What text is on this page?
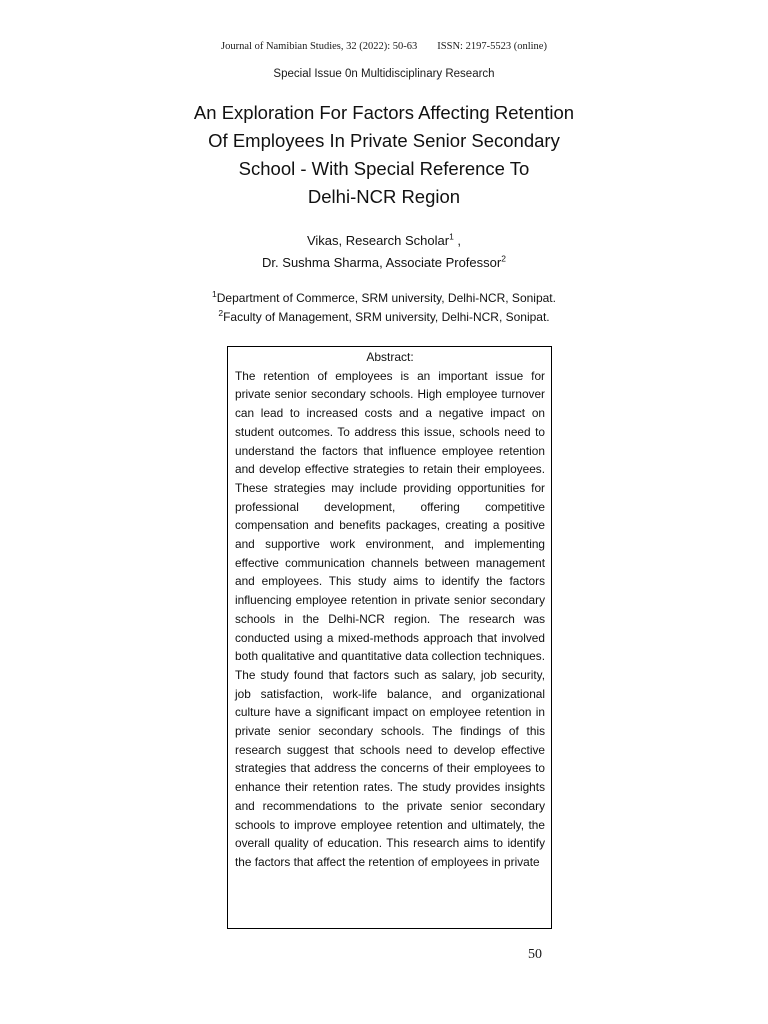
Journal of Namibian Studies, 32 (2022): 50-63 ISSN: 2197-5523 (online)
Special Issue 0n Multidisciplinary Research
An Exploration For Factors Affecting Retention
Of Employees In Private Senior Secondary
School - With Special Reference To
Delhi-NCR Region
Vikas, Research Scholar$^1$ ,
Dr. Sushma Sharma, Associate Professor$^2$
$^1$Department of Commerce, SRM university, Delhi-NCR, Sonipat.
$^2$Faculty of Management, SRM university, Delhi-NCR, Sonipat.
Abstract:

The retention of employees is an important issue for private senior secondary schools. High employee turnover can lead to increased costs and a negative impact on student outcomes. To address this issue, schools need to understand the factors that influence employee retention and develop effective strategies to retain their employees. These strategies may include providing opportunities for professional development, offering competitive compensation and benefits packages, creating a positive and supportive work environment, and implementing effective communication channels between management and employees. This study aims to identify the factors influencing employee retention in private senior secondary schools in the Delhi-NCR region. The research was conducted using a mixed-methods approach that involved both qualitative and quantitative data collection techniques. The study found that factors such as salary, job security, job satisfaction, work-life balance, and organizational culture have a significant impact on employee retention in private senior secondary schools. The findings of this research suggest that schools need to develop effective strategies that address the concerns of their employees to enhance their retention rates. The study provides insights and recommendations to the private senior secondary schools to improve employee retention and ultimately, the overall quality of education. This research aims to identify the factors that affect the retention of employees in private

50
